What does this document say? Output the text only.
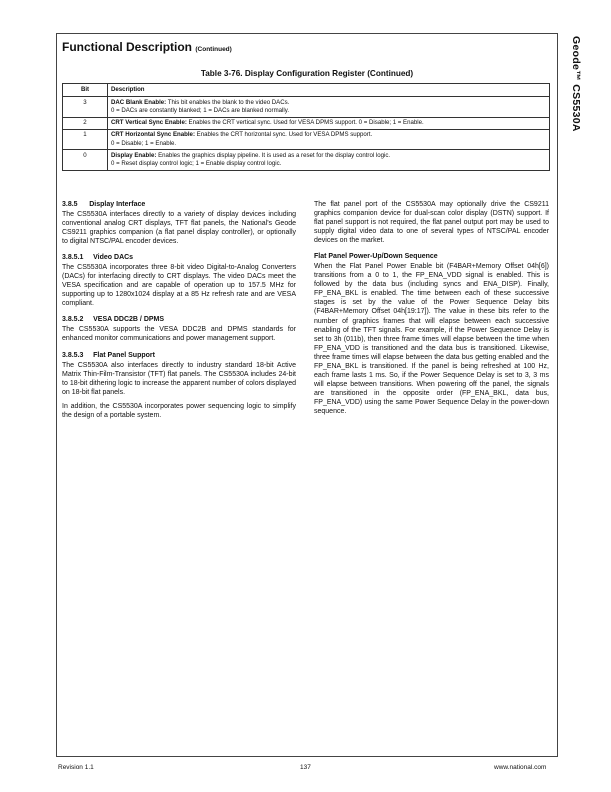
Geode™ CS5530A
Functional Description (Continued)
Table 3-76. Display Configuration Register (Continued)
Bit	Description
3	DAC Blank Enable: This bit enables the blank to the video DACs.
0 = DACs are constantly blanked; 1 = DACs are blanked normally.
2	CRT Vertical Sync Enable: Enables the CRT vertical sync. Used for VESA DPMS support. 0 = Disable; 1 = Enable.
1	CRT Horizontal Sync Enable: Enables the CRT horizontal sync. Used for VESA DPMS support.
0 = Disable; 1 = Enable.
0	Display Enable: Enables the graphics display pipeline. It is used as a reset for the display control logic.
0 = Reset display control logic; 1 = Enable display control logic.
3.8.5      Display Interface

The CS5530A interfaces directly to a variety of display devices including conventional analog CRT displays, TFT flat panels, the National's Geode CS9211 graphics companion (a flat panel display controller), or optionally to digital NTSC/PAL encoder devices.

3.8.5.1     Video DACs

The CS5530A incorporates three 8-bit video Digital-to-Analog Converters (DACs) for interfacing directly to CRT displays. The video DACs meet the VESA specification and are capable of operation up to 157.5 MHz for supporting up to 1280x1024 display at a 85 Hz refresh rate and are VESA compliant.

3.8.5.2     VESA DDC2B / DPMS

The CS5530A supports the VESA DDC2B and DPMS standards for enhanced monitor communications and power management support.

3.8.5.3     Flat Panel Support

The CS5530A also interfaces directly to industry standard 18-bit Active Matrix Thin-Film-Transistor (TFT) flat panels. The CS5530A includes 24-bit to 18-bit dithering logic to increase the apparent number of colors displayed on 18-bit flat panels.

In addition, the CS5530A incorporates power sequencing logic to simplify the design of a portable system.

The flat panel port of the CS5530A may optionally drive the CS9211 graphics companion device for dual-scan color display (DSTN) support. If flat panel support is not required, the flat panel output port may be used to supply digital video data to one of several types of NTSC/PAL encoder devices on the market.

Flat Panel Power-Up/Down Sequence

When the Flat Panel Power Enable bit (F4BAR+Memory Offset 04h[6]) transitions from a 0 to 1, the FP_ENA_VDD signal is enabled. This is followed by the data bus (including syncs and ENA_DISP). Finally, FP_ENA_BKL is enabled. The time between each of these successive stages is set by the value of the Power Sequence Delay bits (F4BAR+Memory Offset 04h[19:17]). The value in these bits refer to the number of graphics frames that will elapse between each successive enabling of the TFT signals. For example, if the Power Sequence Delay is set to 3h (011b), then three frame times will elapse between the time when FP_ENA_VDD is transitioned and the data bus is transitioned. Likewise, three frame times will elapse between the data bus getting enabled and the FP_ENA_BKL is transitioned. If the panel is being refreshed at 100 Hz, each frame lasts 1 ms. So, if the Power Sequence Delay is set to 3, 3 ms will elapse between transitions. When powering off the panel, the signals are transitioned in the opposite order (FP_ENA_BKL, data bus, FP_ENA_VDD) using the same Power Sequence Delay in the power-down sequence.

Revision 1.1	137	www.national.com
